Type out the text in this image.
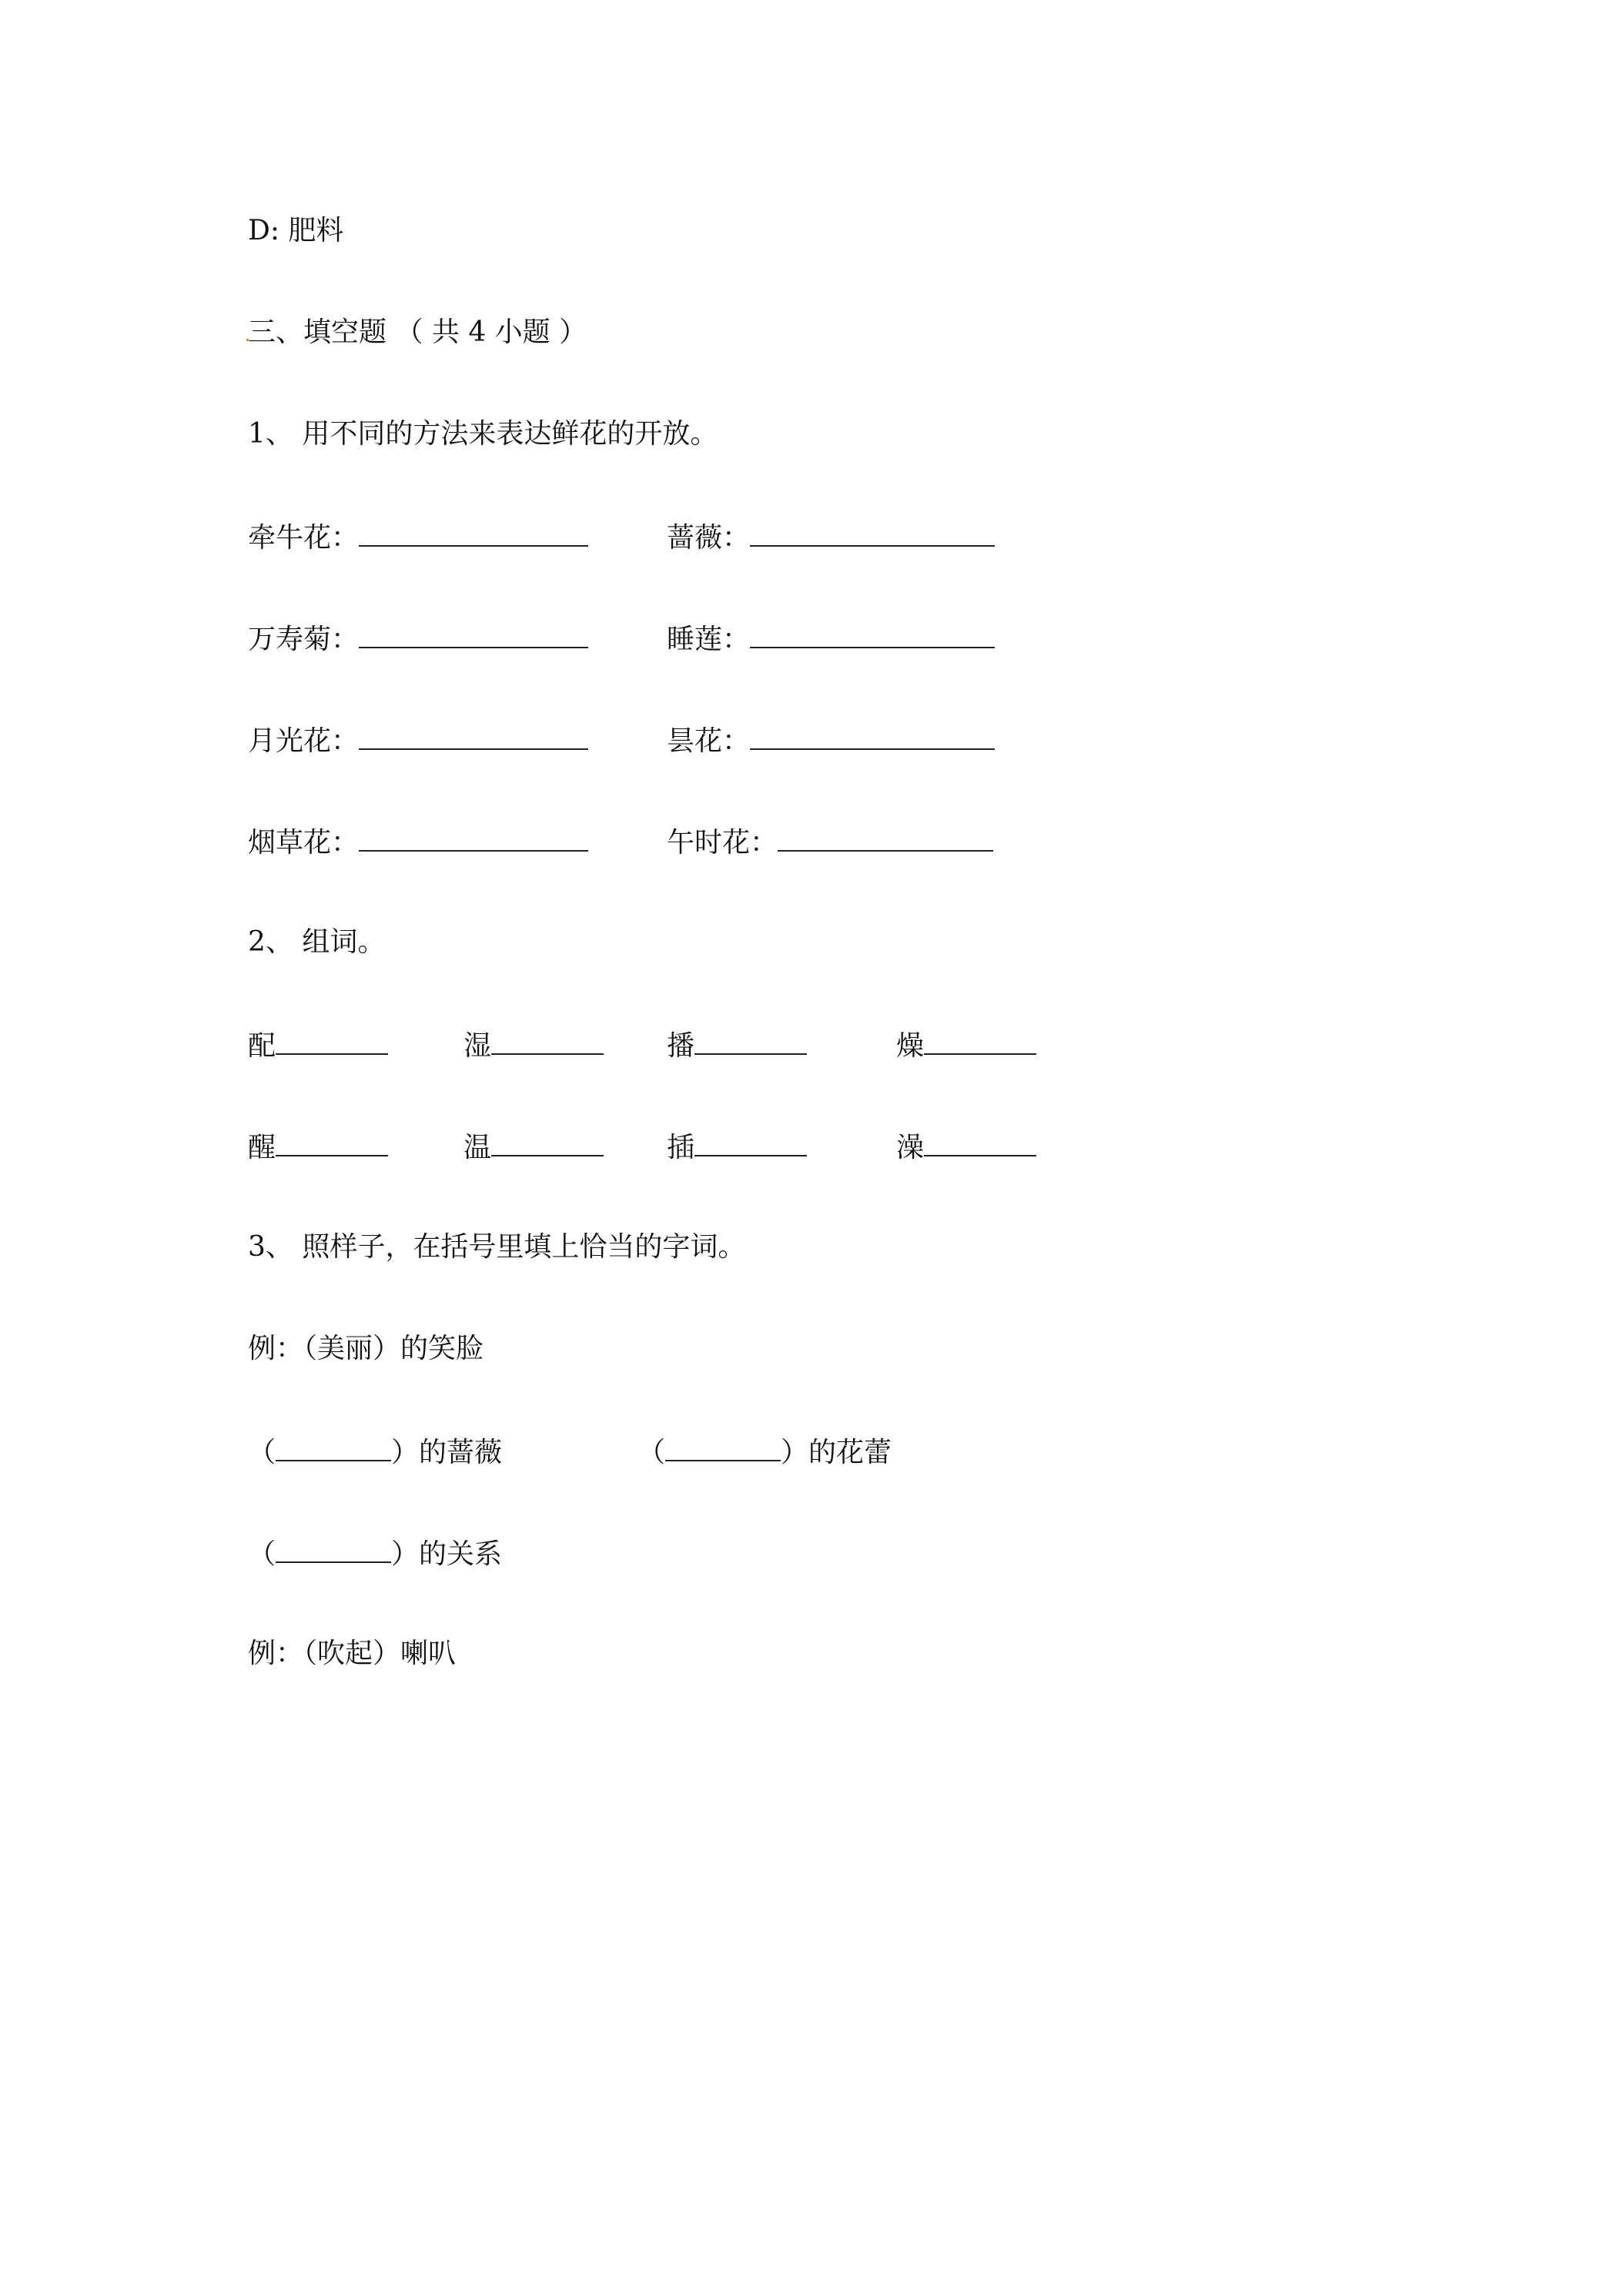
D: 肥料
三、填空题 （ 共 4 小题 ）
1、 用不同的方法来表达鲜花的开放。
牵牛花：	蔷薇：
万寿菊：	睡莲：
月光花：	昙花：
烟草花：	午时花：
2、 组词。
配	湿	播	燥
醒	温	插	澡
3、 照样子，在括号里填上恰当的字词。
例：（美丽）的笑脸
（	）的蔷薇	（	）的花蕾
（	）的关系
例：（吹起）喇叭
